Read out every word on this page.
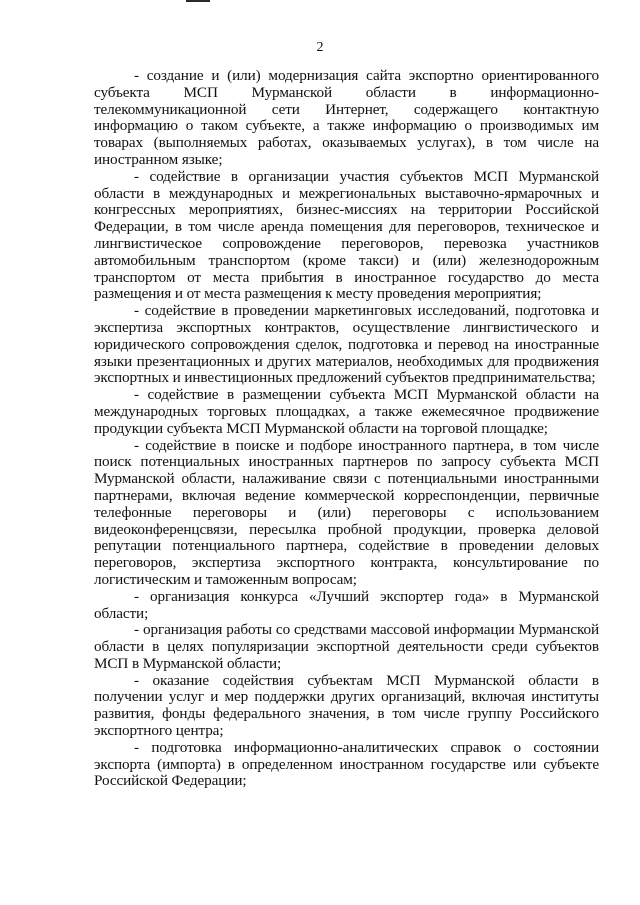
2

- создание и (или) модернизация сайта экспортно ориентированного субъекта МСП Мурманской области в информационно-телекоммуникационной сети Интернет, содержащего контактную информацию о таком субъекте, а также информацию о производимых им товарах (выполняемых работах, оказываемых услугах), в том числе на иностранном языке;

- содействие в организации участия субъектов МСП Мурманской области в международных и межрегиональных выставочно-ярмарочных и конгрессных мероприятиях, бизнес-миссиях на территории Российской Федерации, в том числе аренда помещения для переговоров, техническое и лингвистическое сопровождение переговоров, перевозка участников автомобильным транспортом (кроме такси) и (или) железнодорожным транспортом от места прибытия в иностранное государство до места размещения и от места размещения к месту проведения мероприятия;

- содействие в проведении маркетинговых исследований, подготовка и экспертиза экспортных контрактов, осуществление лингвистического и юридического сопровождения сделок, подготовка и перевод на иностранные языки презентационных и других материалов, необходимых для продвижения экспортных и инвестиционных предложений субъектов предпринимательства;

- содействие в размещении субъекта МСП Мурманской области на международных торговых площадках, а также ежемесячное продвижение продукции субъекта МСП Мурманской области на торговой площадке;

- содействие в поиске и подборе иностранного партнера, в том числе поиск потенциальных иностранных партнеров по запросу субъекта МСП Мурманской области, налаживание связи с потенциальными иностранными партнерами, включая ведение коммерческой корреспонденции, первичные телефонные переговоры и (или) переговоры с использованием видеоконференцсвязи, пересылка пробной продукции, проверка деловой репутации потенциального партнера, содействие в проведении деловых переговоров, экспертиза экспортного контракта, консультирование по логистическим и таможенным вопросам;

- организация конкурса «Лучший экспортер года» в Мурманской области;

- организация работы со средствами массовой информации Мурманской области в целях популяризации экспортной деятельности среди субъектов МСП в Мурманской области;

- оказание содействия субъектам МСП Мурманской области в получении услуг и мер поддержки других организаций, включая институты развития, фонды федерального значения, в том числе группу Российского экспортного центра;

- подготовка информационно-аналитических справок о состоянии экспорта (импорта) в определенном иностранном государстве или субъекте Российской Федерации;
